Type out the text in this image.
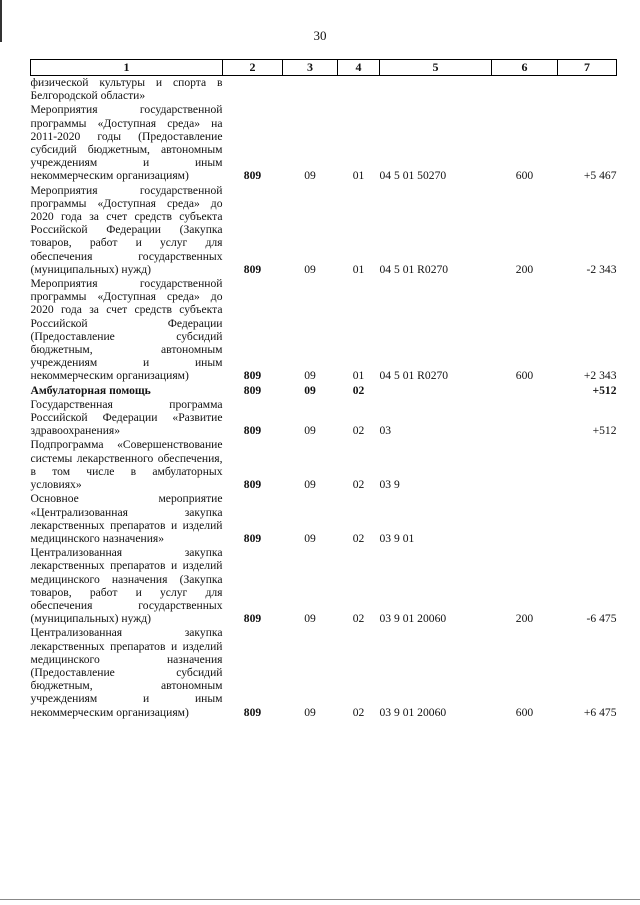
30
1	2	3	4	5	6	7
физической культуры и спорта в Белгородской области»						
Мероприятия государственной программы «Доступная среда» на 2011-2020 годы (Предоставление субсидий бюджетным, автономным учреждениям и иным некоммерческим организациям)	809	09	01	04 5 01 50270	600	+5 467
Мероприятия государственной программы «Доступная среда» до 2020 года за счет средств субъекта Российской Федерации (Закупка товаров, работ и услуг для обеспечения государственных (муниципальных) нужд)	809	09	01	04 5 01 R0270	200	-2 343
Мероприятия государственной программы «Доступная среда» до 2020 года за счет средств субъекта Российской Федерации (Предоставление субсидий бюджетным, автономным учреждениям и иным некоммерческим организациям)	809	09	01	04 5 01 R0270	600	+2 343
Амбулаторная помощь	809	09	02			+512
Государственная программа Российской Федерации «Развитие здравоохранения»	809	09	02	03		+512
Подпрограмма «Совершенствование системы лекарственного обеспечения, в том числе в амбулаторных условиях»	809	09	02	03 9		
Основное мероприятие «Централизованная закупка лекарственных препаратов и изделий медицинского назначения»	809	09	02	03 9 01		
Централизованная закупка лекарственных препаратов и изделий медицинского назначения (Закупка товаров, работ и услуг для обеспечения государственных (муниципальных) нужд)	809	09	02	03 9 01 20060	200	-6 475
Централизованная закупка лекарственных препаратов и изделий медицинского назначения (Предоставление субсидий бюджетным, автономным учреждениям и иным некоммерческим организациям)	809	09	02	03 9 01 20060	600	+6 475
